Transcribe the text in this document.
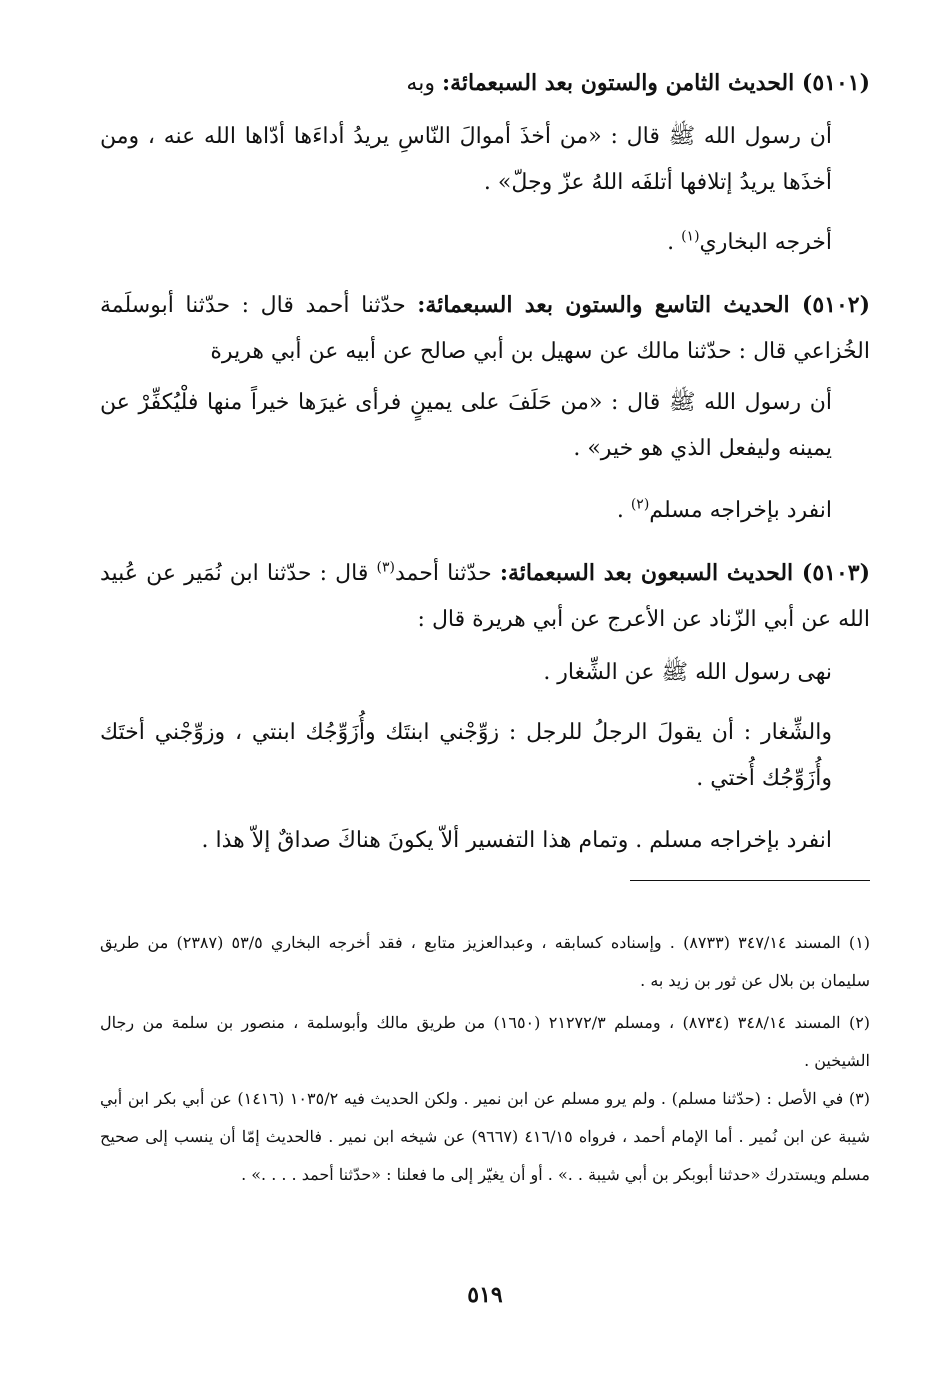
(٥١٠١) الحديث الثامن والستون بعد السبعمائة: وبه

أن رسول الله ﷺ قال : «من أخذَ أموالَ النّاسِ يريدُ أداءَها أدّاها الله عنه ، ومن أخذَها يريدُ إتلافها أتلفَه اللهُ عزّ وجلّ» .

أخرجه البخاري$^{(١)}$ .

(٥١٠٢) الحديث التاسع والستون بعد السبعمائة: حدّثنا أحمد قال : حدّثنا أبوسلَمة الخُزاعي قال : حدّثنا مالك عن سهيل بن أبي صالح عن أبيه عن أبي هريرة

أن رسول الله ﷺ قال : «من حَلَفَ على يمينٍ فرأى غيرَها خيراً منها فلْيُكفِّرْ عن يمينه وليفعل الذي هو خير» .

انفرد بإخراجه مسلم$^{(٢)}$ .

(٥١٠٣) الحديث السبعون بعد السبعمائة: حدّثنا أحمد$^{(٣)}$ قال : حدّثنا ابن نُمَير عن عُبيد الله عن أبي الزّناد عن الأعرج عن أبي هريرة قال :

نهى رسول الله ﷺ عن الشِّغار .

والشِّغار : أن يقولَ الرجلُ للرجل : زوِّجْني ابنتَك وأُزَوِّجُك ابنتي ، وزوِّجْني أختَك وأُزَوِّجُك أُختي .

انفرد بإخراجه مسلم . وتمام هذا التفسير ألاّ يكونَ هناكَ صداقٌ إلاّ هذا .

(١) المسند ٣٤٧/١٤ (٨٧٣٣) . وإسناده كسابقه ، وعبدالعزيز متابع ، فقد أخرجه البخاري ٥٣/٥ (٢٣٨٧) من طريق سليمان بن بلال عن ثور بن زيد به .

(٢) المسند ٣٤٨/١٤ (٨٧٣٤) ، ومسلم ٢١٢٧٢/٣ (١٦٥٠) من طريق مالك وأبوسلمة ، منصور بن سلمة من رجال الشيخين .

(٣) في الأصل : (حدّثنا مسلم) . ولم يرو مسلم عن ابن نمير . ولكن الحديث فيه ١٠٣٥/٢ (١٤١٦) عن أبي بكر ابن أبي شيبة عن ابن نُمير . أما الإمام أحمد ، فرواه ٤١٦/١٥ (٩٦٦٧) عن شيخه ابن نمير . فالحديث إمّا أن ينسب إلى صحيح مسلم ويستدرك «حدثنا أبوبكر بن أبي شيبة . .» . أو أن يغيّر إلى ما فعلنا : «حدّثنا أحمد . . . .» .

٥١٩
